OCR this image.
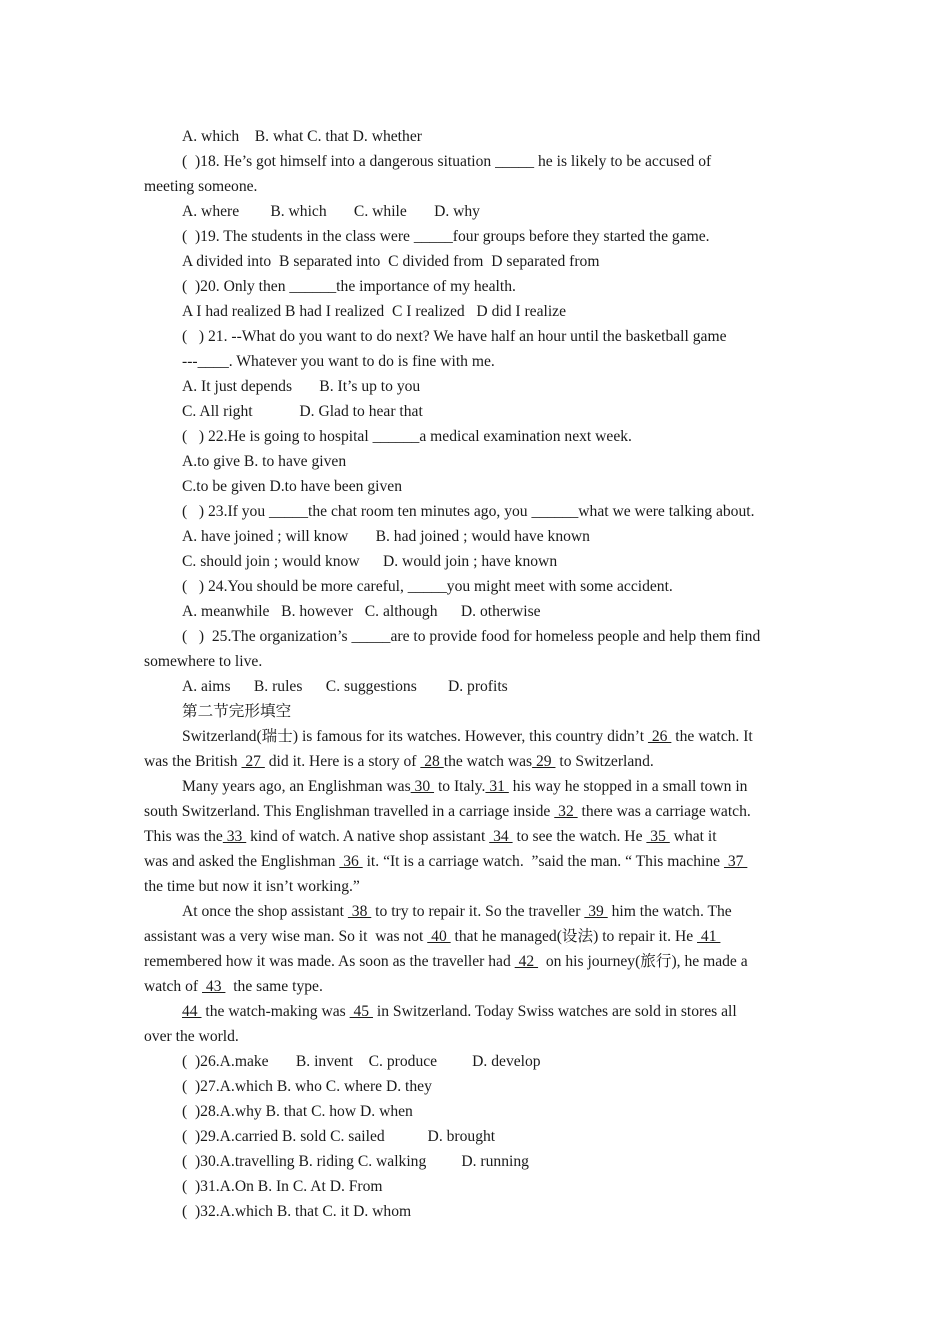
A. which    B. what C. that D. whether
(  )18. He’s got himself into a dangerous situation _____ he is likely to be accused of
meeting someone.
A. where        B. which       C. while       D. why
(  )19. The students in the class were _____four groups before they started the game.
A divided into  B separated into  C divided from  D separated from
(  )20. Only then ______the importance of my health.
A I had realized B had I realized  C I realized   D did I realize
(   ) 21. --What do you want to do next? We have half an hour until the basketball game
---____. Whatever you want to do is fine with me.
A. It just depends       B. It’s up to you
C. All right            D. Glad to hear that
(   ) 22.He is going to hospital ______a medical examination next week.
A.to give B. to have given
C.to be given D.to have been given
(   ) 23.If you _____the chat room ten minutes ago, you ______what we were talking about.
A. have joined ; will know       B. had joined ; would have known
C. should join ; would know      D. would join ; have known
(   ) 24.You should be more careful, _____you might meet with some accident.
A. meanwhile   B. however   C. although      D. otherwise
(   )  25.The organization’s _____are to provide food for homeless people and help them find
somewhere to live.
A. aims      B. rules      C. suggestions        D. profits
第二节完形填空
Switzerland(瑞士) is famous for its watches. However, this country didn’t  26  the watch. It
was the British  27  did it. Here is a story of  28 the watch was 29  to Switzerland.
Many years ago, an Englishman was 30  to Italy. 31  his way he stopped in a small town in
south Switzerland. This Englishman travelled in a carriage inside  32  there was a carriage watch.
This was the 33  kind of watch. A native shop assistant  34  to see the watch. He  35  what it
was and asked the Englishman  36  it. “It is a carriage watch.  ”said the man. “ This machine  37
the time but now it isn’t working.”
At once the shop assistant  38  to try to repair it. So the traveller  39  him the watch. The
assistant was a very wise man. So it  was not  40  that he managed(设法) to repair it. He  41
remembered how it was made. As soon as the traveller had  42   on his journey(旅行), he made a
watch of  43   the same type.
44  the watch-making was  45  in Switzerland. Today Swiss watches are sold in stores all
over the world.
(  )26.A.make       B. invent    C. produce         D. develop
(  )27.A.which B. who C. where D. they
(  )28.A.why B. that C. how D. when
(  )29.A.carried B. sold C. sailed           D. brought
(  )30.A.travelling B. riding C. walking         D. running
(  )31.A.On B. In C. At D. From
(  )32.A.which B. that C. it D. whom
